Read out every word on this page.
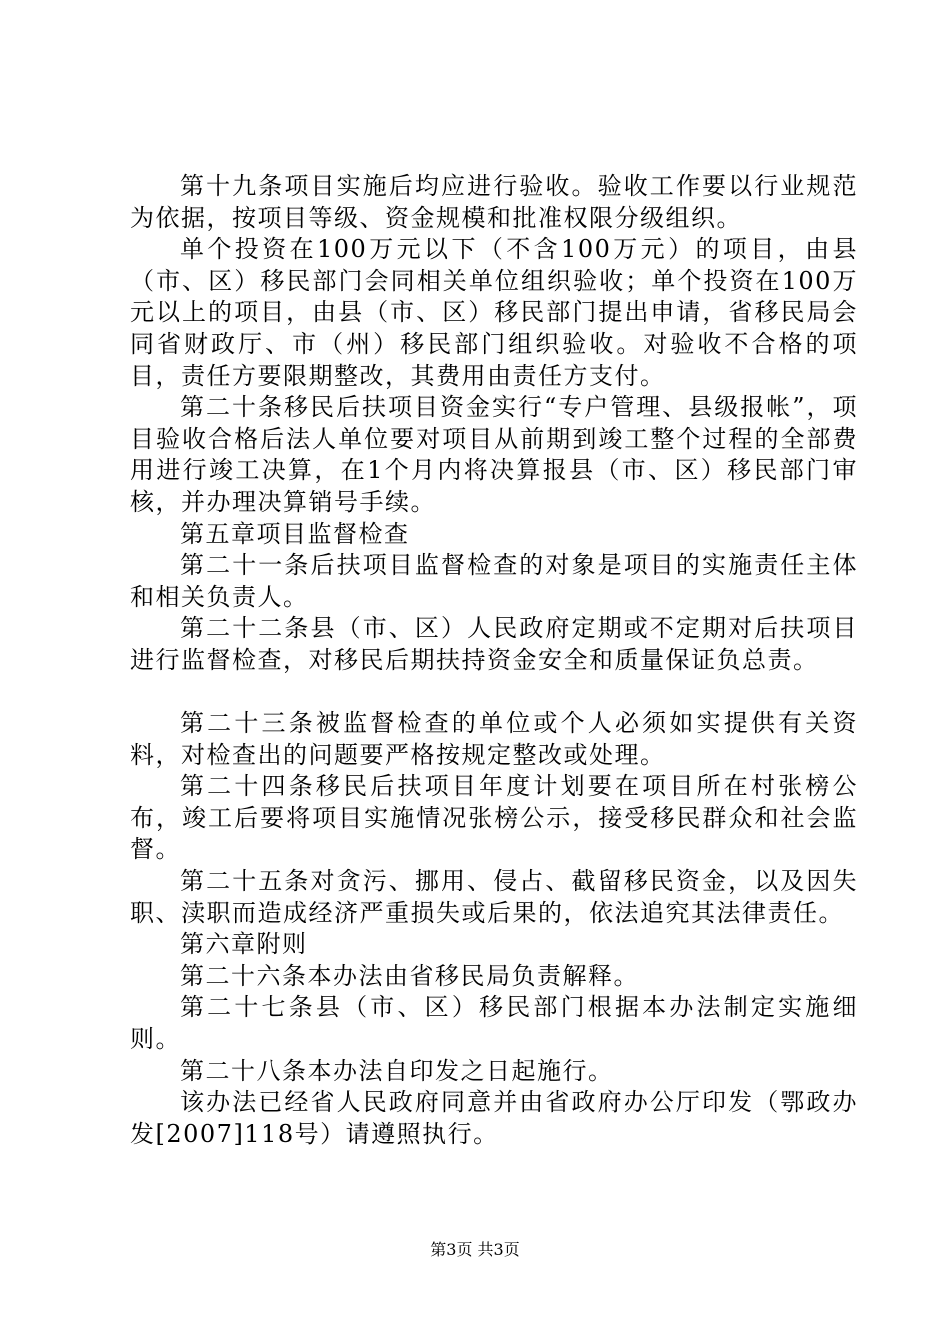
第十九条项目实施后均应进行验收。验收工作要以行业规范为依据，按项目等级、资金规模和批准权限分级组织。

单个投资在100万元以下（不含100万元）的项目，由县（市、区）移民部门会同相关单位组织验收；单个投资在100万元以上的项目，由县（市、区）移民部门提出申请，省移民局会同省财政厅、市（州）移民部门组织验收。对验收不合格的项目，责任方要限期整改，其费用由责任方支付。

第二十条移民后扶项目资金实行“专户管理、县级报帐”，项目验收合格后法人单位要对项目从前期到竣工整个过程的全部费用进行竣工决算，在1个月内将决算报县（市、区）移民部门审核，并办理决算销号手续。

第五章项目监督检查

第二十一条后扶项目监督检查的对象是项目的实施责任主体和相关负责人。

第二十二条县（市、区）人民政府定期或不定期对后扶项目进行监督检查，对移民后期扶持资金安全和质量保证负总责。

第二十三条被监督检查的单位或个人必须如实提供有关资料，对检查出的问题要严格按规定整改或处理。

第二十四条移民后扶项目年度计划要在项目所在村张榜公布，竣工后要将项目实施情况张榜公示，接受移民群众和社会监督。

第二十五条对贪污、挪用、侵占、截留移民资金，以及因失职、渎职而造成经济严重损失或后果的，依法追究其法律责任。

第六章附则

第二十六条本办法由省移民局负责解释。

第二十七条县（市、区）移民部门根据本办法制定实施细则。

第二十八条本办法自印发之日起施行。

该办法已经省人民政府同意并由省政府办公厅印发（鄂政办发[2007]118号）请遵照执行。

第3页 共3页
